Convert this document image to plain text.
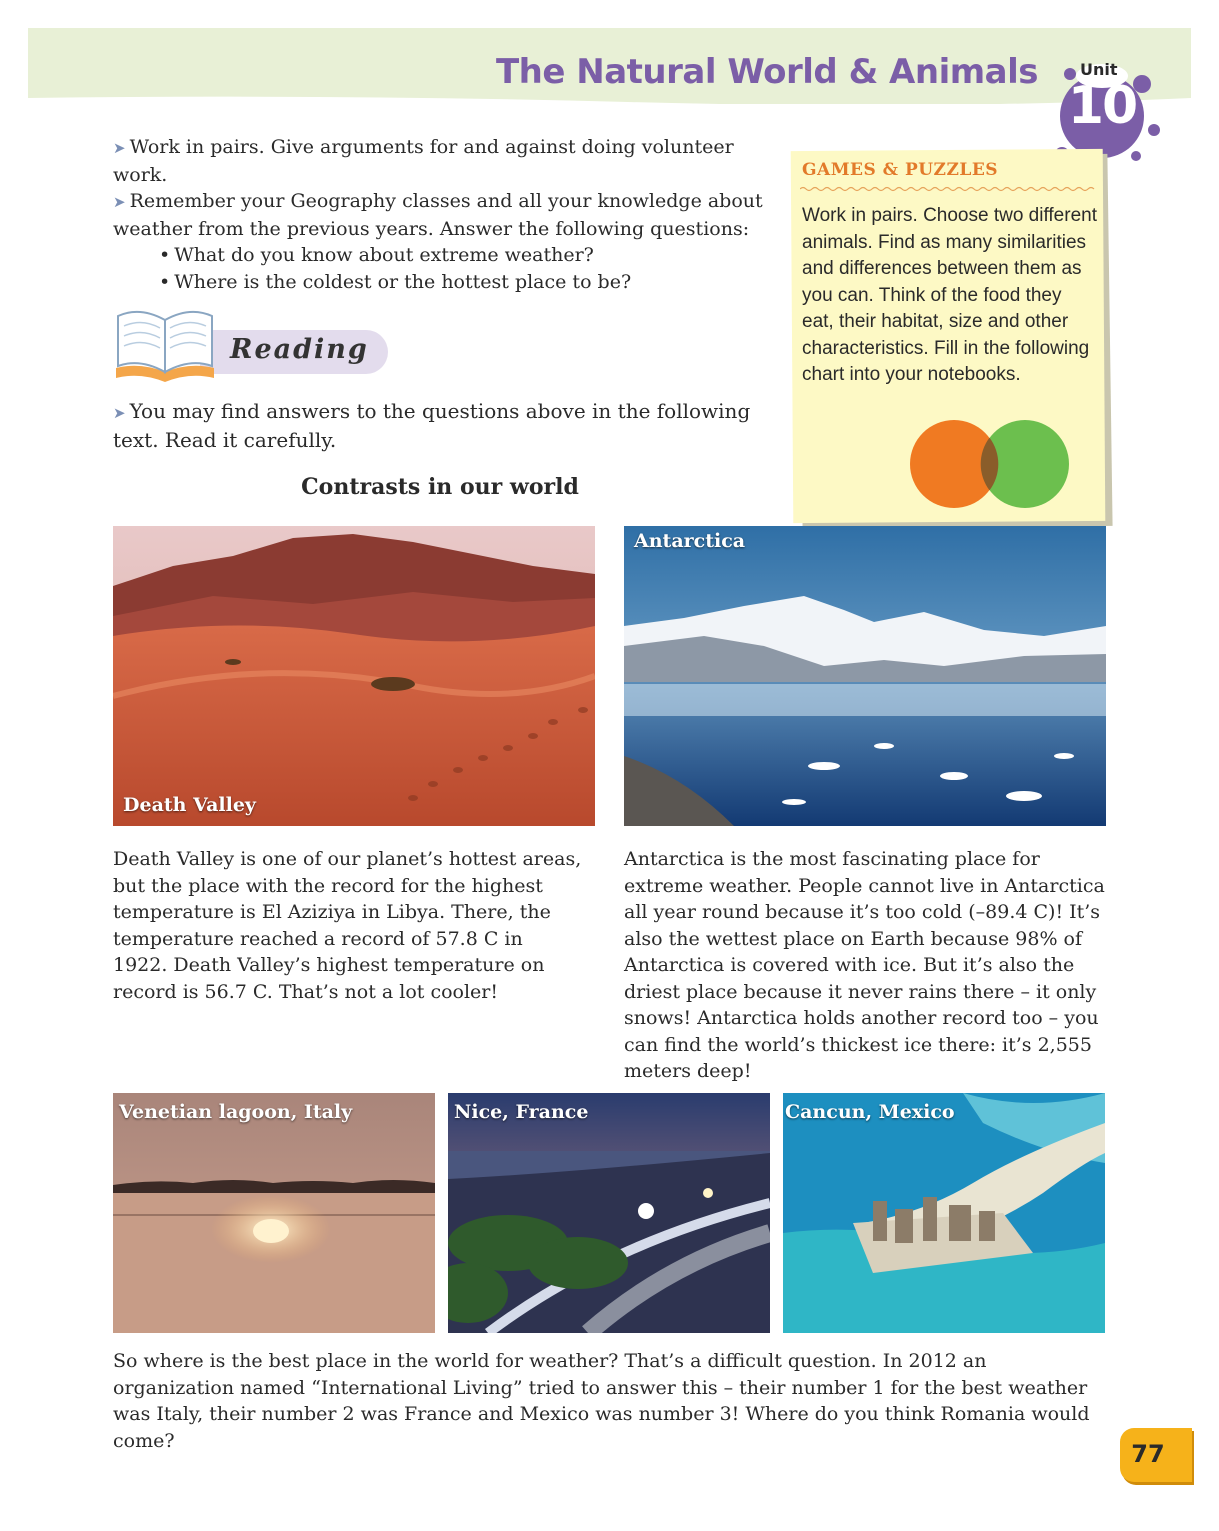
The Natural World & Animals	Unit
10

➤ Work in pairs. Give arguments for and against doing volunteer work.

➤ Remember your Geography classes and all your knowledge about weather from the previous years. Answer the following questions:

• What do you know about extreme weather?
• Where is the coldest or the hottest place to be?
Reading
➤ You may find answers to the questions above in the following text. Read it carefully.
GAMES & PUZZLES
Work in pairs. Choose two different animals. Find as many similarities and differences between them as you can. Think of the food they eat, their habitat, size and other characteristics. Fill in the following chart into your notebooks.
Contrasts in our world
Death Valley
Antarctica
Death Valley is one of our planet’s hottest areas, but the place with the record for the highest temperature is El Aziziya in Libya. There, the temperature reached a record of 57.8 C in 1922. Death Valley’s highest temperature on record is 56.7 C. That’s not a lot cooler!
Antarctica is the most fascinating place for extreme weather. People cannot live in Antarctica all year round because it’s too cold (–89.4 C)! It’s also the wettest place on Earth because 98% of Antarctica is covered with ice. But it’s also the driest place because it never rains there – it only snows! Antarctica holds another record too – you can find the world’s thickest ice there: it’s 2,555 meters deep!
Venetian lagoon, Italy	Nice, France	Cancun, Mexico
So where is the best place in the world for weather? That’s a difficult question. In 2012 an organization named “International Living” tried to answer this – their number 1 for the best weather was Italy, their number 2 was France and Mexico was number 3! Where do you think Romania would come?	77
